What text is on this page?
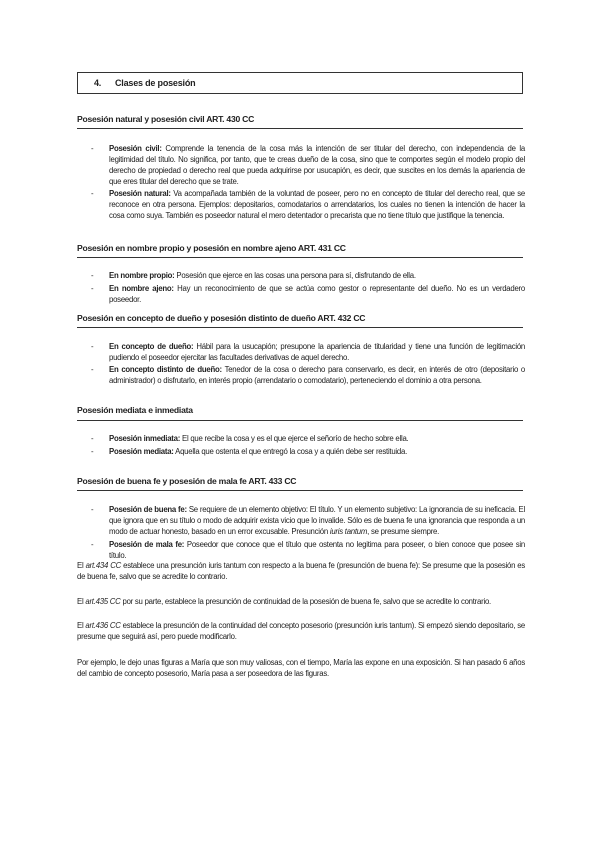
4. Clases de posesión
Posesión natural y posesión civil ART. 430 CC
- Posesión civil: Comprende la tenencia de la cosa más la intención de ser titular del derecho, con independencia de la legitimidad del título. No significa, por tanto, que te creas dueño de la cosa, sino que te comportes según el modelo propio del derecho de propiedad o derecho real que pueda adquirirse por usucapión, es decir, que suscites en los demás la apariencia de que eres titular del derecho que se trate.
- Posesión natural: Va acompañada también de la voluntad de poseer, pero no en concepto de titular del derecho real, que se reconoce en otra persona. Ejemplos: depositarios, comodatarios o arrendatarios, los cuales no tienen la intención de hacer la cosa como suya. También es poseedor natural el mero detentador o precarista que no tiene título que justifique la tenencia.
Posesión en nombre propio y posesión en nombre ajeno ART. 431 CC
- En nombre propio: Posesión que ejerce en las cosas una persona para sí, disfrutando de ella.
- En nombre ajeno: Hay un reconocimiento de que se actúa como gestor o representante del dueño. No es un verdadero poseedor.
Posesión en concepto de dueño y posesión distinto de dueño ART. 432 CC
- En concepto de dueño: Hábil para la usucapión; presupone la apariencia de titularidad y tiene una función de legitimación pudiendo el poseedor ejercitar las facultades derivativas de aquel derecho.
- En concepto distinto de dueño: Tenedor de la cosa o derecho para conservarlo, es decir, en interés de otro (depositario o administrador) o disfrutarlo, en interés propio (arrendatario o comodatario), perteneciendo el dominio a otra persona.
Posesión mediata e inmediata
- Posesión inmediata: El que recibe la cosa y es el que ejerce el señorío de hecho sobre ella.
- Posesión mediata: Aquella que ostenta el que entregó la cosa y a quién debe ser restituida.
Posesión de buena fe y posesión de mala fe ART. 433 CC
- Posesión de buena fe: Se requiere de un elemento objetivo: El título. Y un elemento subjetivo: La ignorancia de su ineficacia. El que ignora que en su título o modo de adquirir exista vicio que lo invalide. Sólo es de buena fe una ignorancia que responda a un modo de actuar honesto, basado en un error excusable. Presunción iuris tantum, se presume siempre.
- Posesión de mala fe: Poseedor que conoce que el título que ostenta no legitima para poseer, o bien conoce que posee sin título.
El art.434 CC establece una presunción iuris tantum con respecto a la buena fe (presunción de buena fe): Se presume que la posesión es de buena fe, salvo que se acredite lo contrario.
El art.435 CC por su parte, establece la presunción de continuidad de la posesión de buena fe, salvo que se acredite lo contrario.
El art.436 CC establece la presunción de la continuidad del concepto posesorio (presunción iuris tantum). Si empezó siendo depositario, se presume que seguirá así, pero puede modificarlo.
Por ejemplo, le dejo unas figuras a María que son muy valiosas, con el tiempo, María las expone en una exposición. Si han pasado 6 años del cambio de concepto posesorio, María pasa a ser poseedora de las figuras.
